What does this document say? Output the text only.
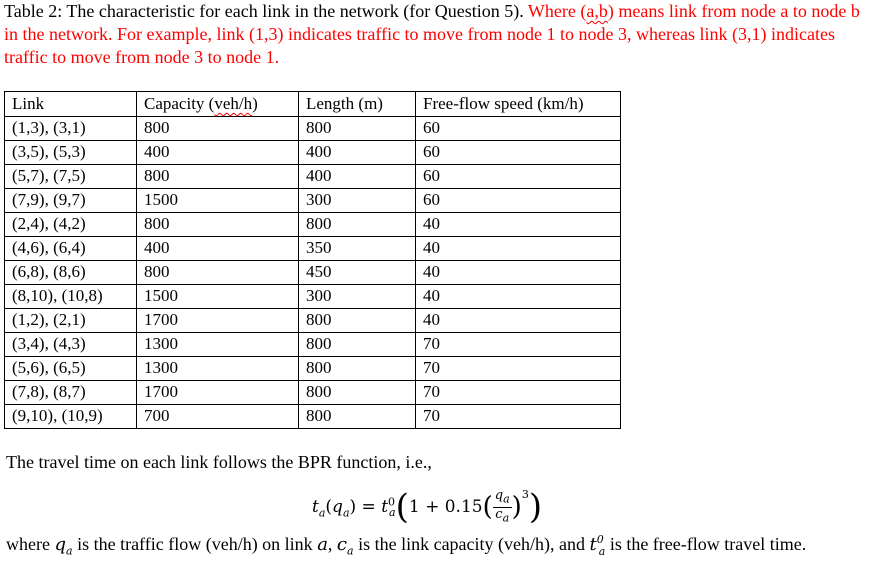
Table 2: The characteristic for each link in the network (for Question 5). Where (a,b) means link from node a to node b in the network. For example, link (1,3) indicates traffic to move from node 1 to node 3, whereas link (3,1) indicates traffic to move from node 3 to node 1.
Link	Capacity (veh/h)	Length (m)	Free-flow speed (km/h)
(1,3), (3,1)	800	800	60
(3,5), (5,3)	400	400	60
(5,7), (7,5)	800	400	60
(7,9), (9,7)	1500	300	60
(2,4), (4,2)	800	800	40
(4,6), (6,4)	400	350	40
(6,8), (8,6)	800	450	40
(8,10), (10,8)	1500	300	40
(1,2), (2,1)	1700	800	40
(3,4), (4,3)	1300	800	70
(5,6), (6,5)	1300	800	70
(7,8), (8,7)	1700	800	70
(9,10), (10,9)	700	800	70
The travel time on each link follows the BPR function, i.e.,
$t_a(q_a) = t^0_a(1 + 0.15( \frac{q_a}{c_a} )^3)$
where $q_a$ is the traffic flow (veh/h) on link a, $c_a$ is the link capacity (veh/h), and $t^0_a$ is the free-flow travel time.
